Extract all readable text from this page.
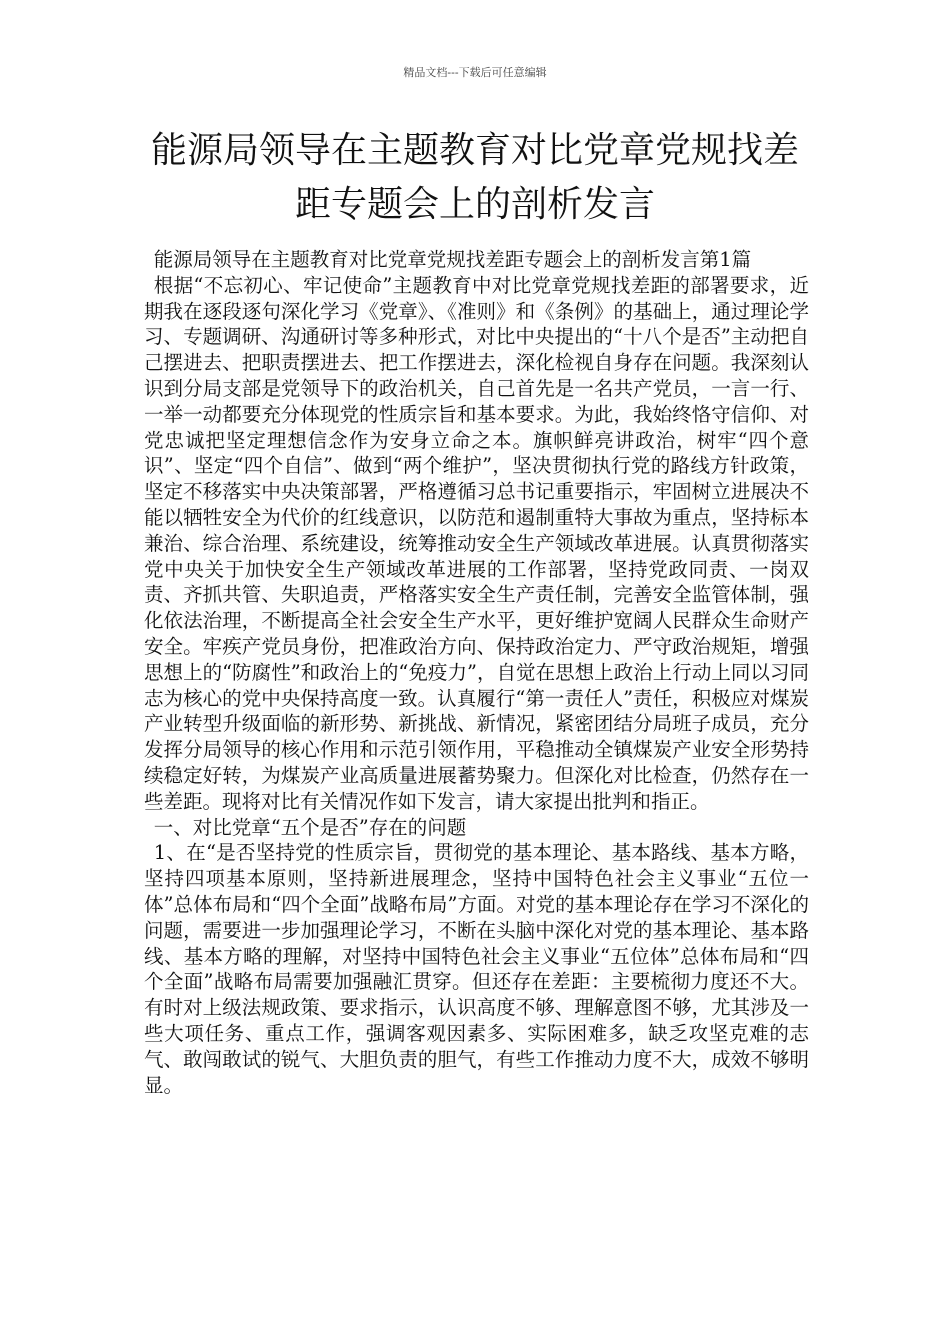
精品文档---下载后可任意编辑
能源局领导在主题教育对比党章党规找差
距专题会上的剖析发言

能源局领导在主题教育对比党章党规找差距专题会上的剖析发言第1篇

根据“不忘初心、牢记使命”主题教育中对比党章党规找差距的部署要求，近期我在逐段逐句深化学习《党章》、《准则》和《条例》的基础上，通过理论学习、专题调研、沟通研讨等多种形式，对比中央提出的“十八个是否”主动把自己摆进去、把职责摆进去、把工作摆进去，深化检视自身存在问题。我深刻认识到分局支部是党领导下的政治机关，自己首先是一名共产党员，一言一行、一举一动都要充分体现党的性质宗旨和基本要求。为此，我始终恪守信仰、对党忠诚把坚定理想信念作为安身立命之本。旗帜鲜亮讲政治，树牢“四个意识”、坚定“四个自信”、做到“两个维护”，坚决贯彻执行党的路线方针政策，坚定不移落实中央决策部署，严格遵循习总书记重要指示，牢固树立进展决不能以牺牲安全为代价的红线意识，以防范和遏制重特大事故为重点，坚持标本兼治、综合治理、系统建设，统筹推动安全生产领域改革进展。认真贯彻落实党中央关于加快安全生产领域改革进展的工作部署，坚持党政同责、一岗双责、齐抓共管、失职追责，严格落实安全生产责任制，完善安全监管体制，强化依法治理，不断提高全社会安全生产水平，更好维护宽阔人民群众生命财产安全。牢疾产党员身份，把准政治方向、保持政治定力、严守政治规矩，增强思想上的“防腐性”和政治上的“免疫力”，自觉在思想上政治上行动上同以习同志为核心的党中央保持高度一致。认真履行“第一责任人”责任，积极应对煤炭产业转型升级面临的新形势、新挑战、新情况，紧密团结分局班子成员，充分发挥分局领导的核心作用和示范引领作用，平稳推动全镇煤炭产业安全形势持续稳定好转，为煤炭产业高质量进展蓄势聚力。但深化对比检查，仍然存在一些差距。现将对比有关情况作如下发言，请大家提出批判和指正。

一、对比党章“五个是否”存在的问题

1、在“是否坚持党的性质宗旨，贯彻党的基本理论、基本路线、基本方略，坚持四项基本原则，坚持新进展理念，坚持中国特色社会主义事业“五位一体”总体布局和“四个全面”战略布局”方面。对党的基本理论存在学习不深化的问题，需要进一步加强理论学习，不断在头脑中深化对党的基本理论、基本路线、基本方略的理解，对坚持中国特色社会主义事业“五位体”总体布局和“四个全面”战略布局需要加强融汇贯穿。但还存在差距：主要梳彻力度还不大。有时对上级法规政策、要求指示，认识高度不够、理解意图不够，尤其涉及一些大项任务、重点工作，强调客观因素多、实际困难多，缺乏攻坚克难的志气、敢闯敢试的锐气、大胆负责的胆气，有些工作推动力度不大，成效不够明显。
